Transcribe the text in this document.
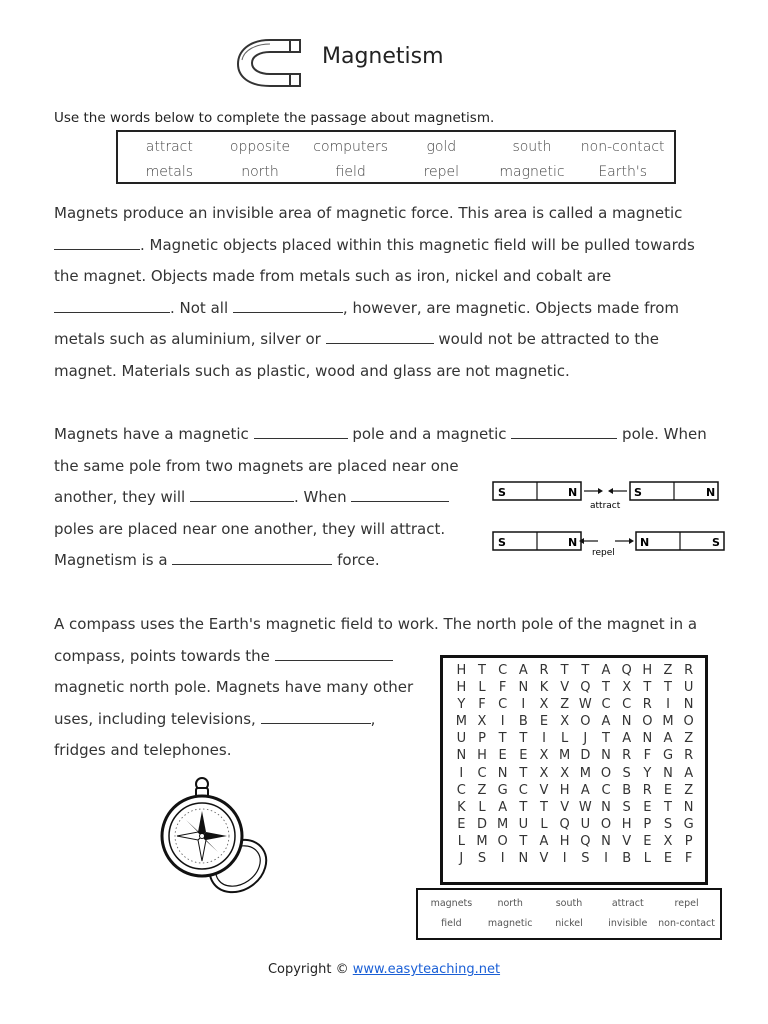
Magnetism
Use the words below to complete the passage about magnetism.
attract	opposite	computers	gold	south	non-contact
metals	north	field	repel	magnetic	Earth's
Magnets produce an invisible area of magnetic force. This area is called a magnetic
. Magnetic objects placed within this magnetic field will be pulled towards
the magnet. Objects made from metals such as iron, nickel and cobalt are
. Not all	, however, are magnetic. Objects made from
metals such as aluminium, silver or	would not be attracted to the
magnet. Materials such as plastic, wood and glass are not magnetic.
Magnets have a magnetic	pole and a magnetic	pole. When
the same pole from two magnets are placed near one
another, they will	. When
poles are placed near one another, they will attract.
Magnetism is a	force.
S	N
attract
S	N
S	N
repel
N	S
A compass uses the Earth's magnetic field to work. The north pole of the magnet in a
compass, points towards the
magnetic north pole. Magnets have many other
uses, including televisions,	,
fridges and telephones.
H T C A R T T A Q H Z R
H L	F N K V Q T X T T U
Y F C	I	X Z W C C R	I	N
M X	I	B E X O A N O M O
U P T T	I	L	J	T A N A Z
N H E E X M D N R F G R
I	C N T X X M O S Y N A
C Z G C V H A C B R E Z
K L A T T V W N S E T N
E D M U L Q U O H P S G
L M O T A H Q N V E X P
J	S	I	N V	I	S	I	B L E F
magnets	north	south	attract	repel
field	magnetic	nickel	invisible	non-contact
Copyright © www.easyteaching.net
